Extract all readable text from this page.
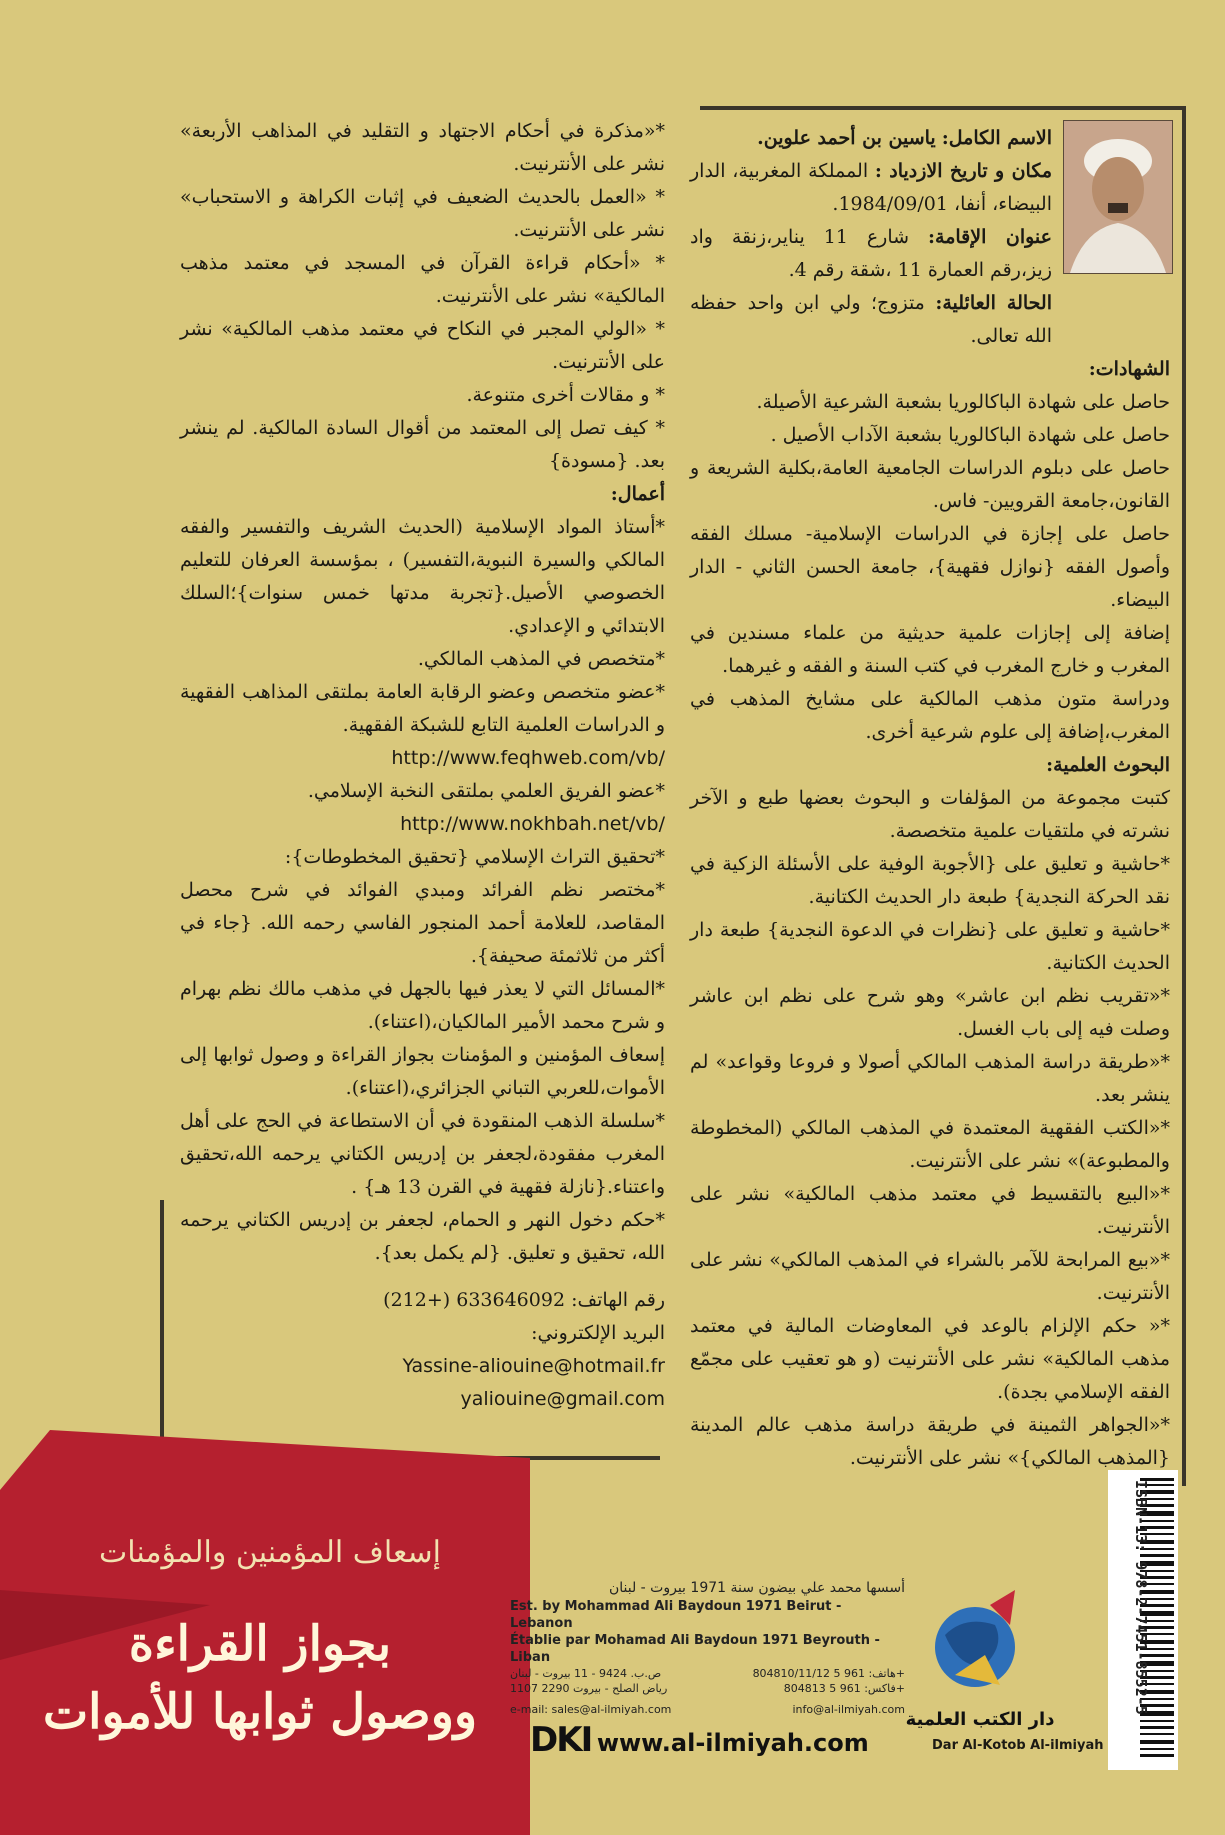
الاسم الكامل: ياسين بن أحمد علوين.

مكان و تاريخ الازدياد : المملكة المغربية، الدار البيضاء، أنفا، 1984/09/01.

عنوان الإقامة: شارع 11 يناير،زنقة واد زيز،رقم العمارة 11 ،شقة رقم 4.

الحالة العائلية: متزوج؛ ولي ابن واحد حفظه الله تعالى.

الشهادات:

حاصل على شهادة الباكالوريا بشعبة الشرعية الأصيلة.

حاصل على شهادة الباكالوريا بشعبة الآداب الأصيل .

حاصل على دبلوم الدراسات الجامعية العامة،بكلية الشريعة و القانون،جامعة القرويين- فاس.

حاصل على إجازة في الدراسات الإسلامية- مسلك الفقه وأصول الفقه {نوازل فقهية}، جامعة الحسن الثاني - الدار البيضاء.

إضافة إلى إجازات علمية حديثية من علماء مسندين في المغرب و خارج المغرب في كتب السنة و الفقه و غيرهما.

ودراسة متون مذهب المالكية على مشايخ المذهب في المغرب،إضافة إلى علوم شرعية أخرى.

البحوث العلمية:

كتبت مجموعة من المؤلفات و البحوث بعضها طبع و الآخر نشرته في ملتقيات علمية متخصصة.

*حاشية و تعليق على {الأجوبة الوفية على الأسئلة الزكية في نقد الحركة النجدية} طبعة دار الحديث الكتانية.

*حاشية و تعليق على {نظرات في الدعوة النجدية} طبعة دار الحديث الكتانية.

*«تقريب نظم ابن عاشر» وهو شرح على نظم ابن عاشر وصلت فيه إلى باب الغسل.

*«طريقة دراسة المذهب المالكي أصولا و فروعا وقواعد» لم ينشر بعد.

*«الكتب الفقهية المعتمدة في المذهب المالكي (المخطوطة والمطبوعة)» نشر على الأنترنيت.

*«البيع بالتقسيط في معتمد مذهب المالكية» نشر على الأنترنيت.

*«بيع المرابحة للآمر بالشراء في المذهب المالكي» نشر على الأنترنيت.

*« حكم الإلزام بالوعد في المعاوضات المالية في معتمد مذهب المالكية» نشر على الأنترنيت (و هو تعقيب على مجمّع الفقه الإسلامي بجدة).

*«الجواهر الثمينة في طريقة دراسة مذهب عالم المدينة {المذهب المالكي}» نشر على الأنترنيت.

*«مذكرة في أحكام الاجتهاد و التقليد في المذاهب الأربعة» نشر على الأنترنيت.

* «العمل بالحديث الضعيف في إثبات الكراهة و الاستحباب» نشر على الأنترنيت.

* «أحكام قراءة القرآن في المسجد في معتمد مذهب المالكية» نشر على الأنترنيت.

* «الولي المجبر في النكاح في معتمد مذهب المالكية» نشر على الأنترنيت.

* و مقالات أخرى متنوعة.

* كيف تصل إلى المعتمد من أقوال السادة المالكية. لم ينشر بعد. {مسودة}

أعمال:

*أستاذ المواد الإسلامية (الحديث الشريف والتفسير والفقه المالكي والسيرة النبوية،التفسير) ، بمؤسسة العرفان للتعليم الخصوصي الأصيل.{تجربة مدتها خمس سنوات}؛السلك الابتدائي و الإعدادي.

*متخصص في المذهب المالكي.

*عضو متخصص وعضو الرقابة العامة بملتقى المذاهب الفقهية و الدراسات العلمية التابع للشبكة الفقهية.

http://www.feqhweb.com/vb/

*عضو الفريق العلمي بملتقى النخبة الإسلامي.

http://www.nokhbah.net/vb/

*تحقيق التراث الإسلامي {تحقيق المخطوطات}:

*مختصر نظم الفرائد ومبدي الفوائد في شرح محصل المقاصد، للعلامة أحمد المنجور الفاسي رحمه الله. {جاء في أكثر من ثلاثمئة صحيفة}.

*المسائل التي لا يعذر فيها بالجهل في مذهب مالك نظم بهرام و شرح محمد الأمير المالكيان،(اعتناء).

إسعاف المؤمنين و المؤمنات بجواز القراءة و وصول ثوابها إلى الأموات،للعربي التباني الجزائري،(اعتناء).

*سلسلة الذهب المنقودة في أن الاستطاعة في الحج على أهل المغرب مفقودة،لجعفر بن إدريس الكتاني يرحمه الله،تحقيق واعتناء.{نازلة فقهية في القرن 13 هـ} .

*حكم دخول النهر و الحمام، لجعفر بن إدريس الكتاني يرحمه الله، تحقيق و تعليق. {لم يكمل بعد}.

رقم الهاتف: 633646092 (+212)

البريد الإلكتروني:

Yassine-aliouine@hotmail.fr

yaliouine@gmail.com

إسعاف المؤمنين والمؤمنات
بجواز القراءة
ووصول ثوابها للأموات
أسسها محمد علي بيضون سنة 1971 بيروت - لبنان
Est. by Mohammad Ali Baydoun 1971 Beirut - Lebanon
Établie par Mohamad Ali Baydoun 1971 Beyrouth - Liban
ص.ب. 9424 - 11 بيروت - لبنان	هاتف: 961 5 804810/11/12+
رياض الصلح - بيروت 2290 1107	فاكس: 961 5 804813+
e-mail: sales@al-ilmiyah.com	info@al-ilmiyah.com دار الكتب العلمية
DKI www.al-ilmiyah.com	Dar Al-Kotob Al-ilmiyah
ISBN-13: 978-2-7451-8552-5
